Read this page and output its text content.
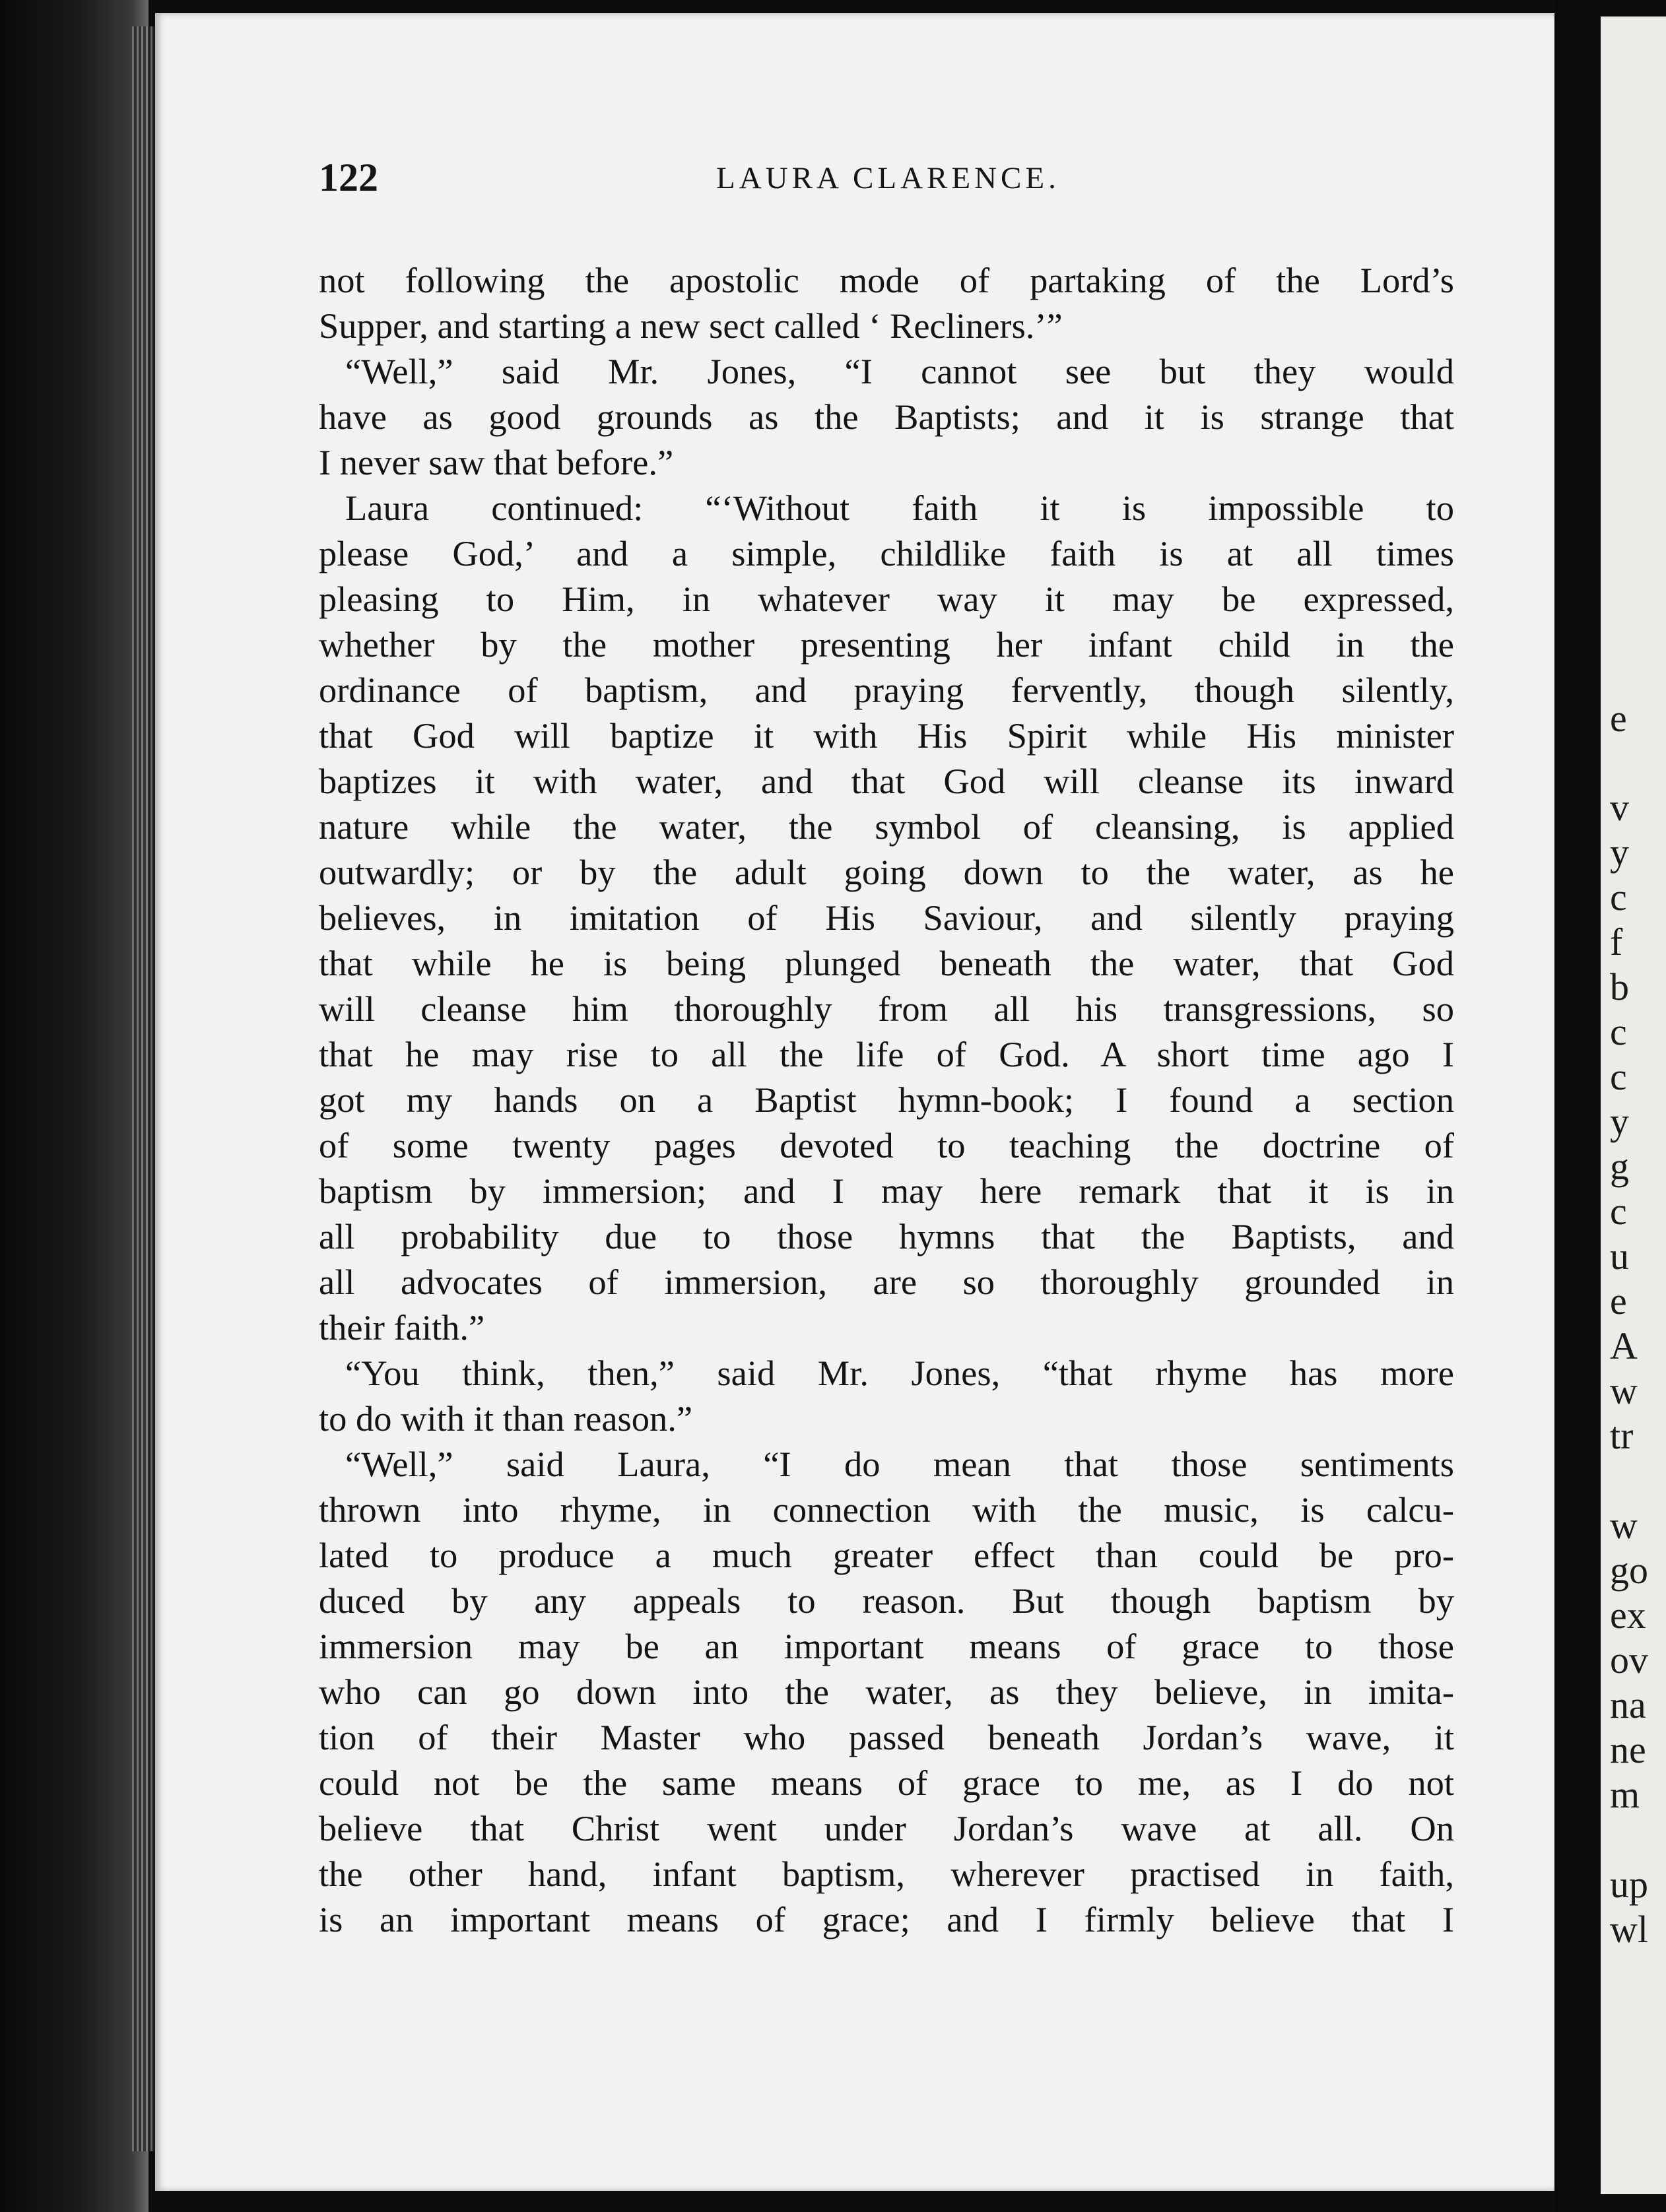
122	LAURA CLARENCE.
not following the apostolic mode of partaking of the Lord’s
Supper, and starting a new sect called ‘ Recliners.’”
“Well,” said Mr. Jones, “I cannot see but they would
have as good grounds as the Baptists; and it is strange that
I never saw that before.”
Laura continued: “‘Without faith it is impossible to
please God,’ and a simple, childlike faith is at all times
pleasing to Him, in whatever way it may be expressed,
whether by the mother presenting her infant child in the
ordinance of baptism, and praying fervently, though silently,
that God will baptize it with His Spirit while His minister
baptizes it with water, and that God will cleanse its inward
nature while the water, the symbol of cleansing, is applied
outwardly; or by the adult going down to the water, as he
believes, in imitation of His Saviour, and silently praying
that while he is being plunged beneath the water, that God
will cleanse him thoroughly from all his transgressions, so
that he may rise to all the life of God. A short time ago I
got my hands on a Baptist hymn-book; I found a section
of some twenty pages devoted to teaching the doctrine of
baptism by immersion; and I may here remark that it is in
all probability due to those hymns that the Baptists, and
all advocates of immersion, are so thoroughly grounded in
their faith.”
“You think, then,” said Mr. Jones, “that rhyme has more
to do with it than reason.”
“Well,” said Laura, “I do mean that those sentiments
thrown into rhyme, in connection with the music, is calcu-
lated to produce a much greater effect than could be pro-
duced by any appeals to reason. But though baptism by
immersion may be an important means of grace to those
who can go down into the water, as they believe, in imita-
tion of their Master who passed beneath Jordan’s wave, it
could not be the same means of grace to me, as I do not
believe that Christ went under Jordan’s wave at all. On
the other hand, infant baptism, wherever practised in faith,
is an important means of grace; and I firmly believe that I
e
v
y
c
f
b
c
c
y
g
c
u
e
A
w
tr
w
go
ex
ov
na
ne
m
up
wl
